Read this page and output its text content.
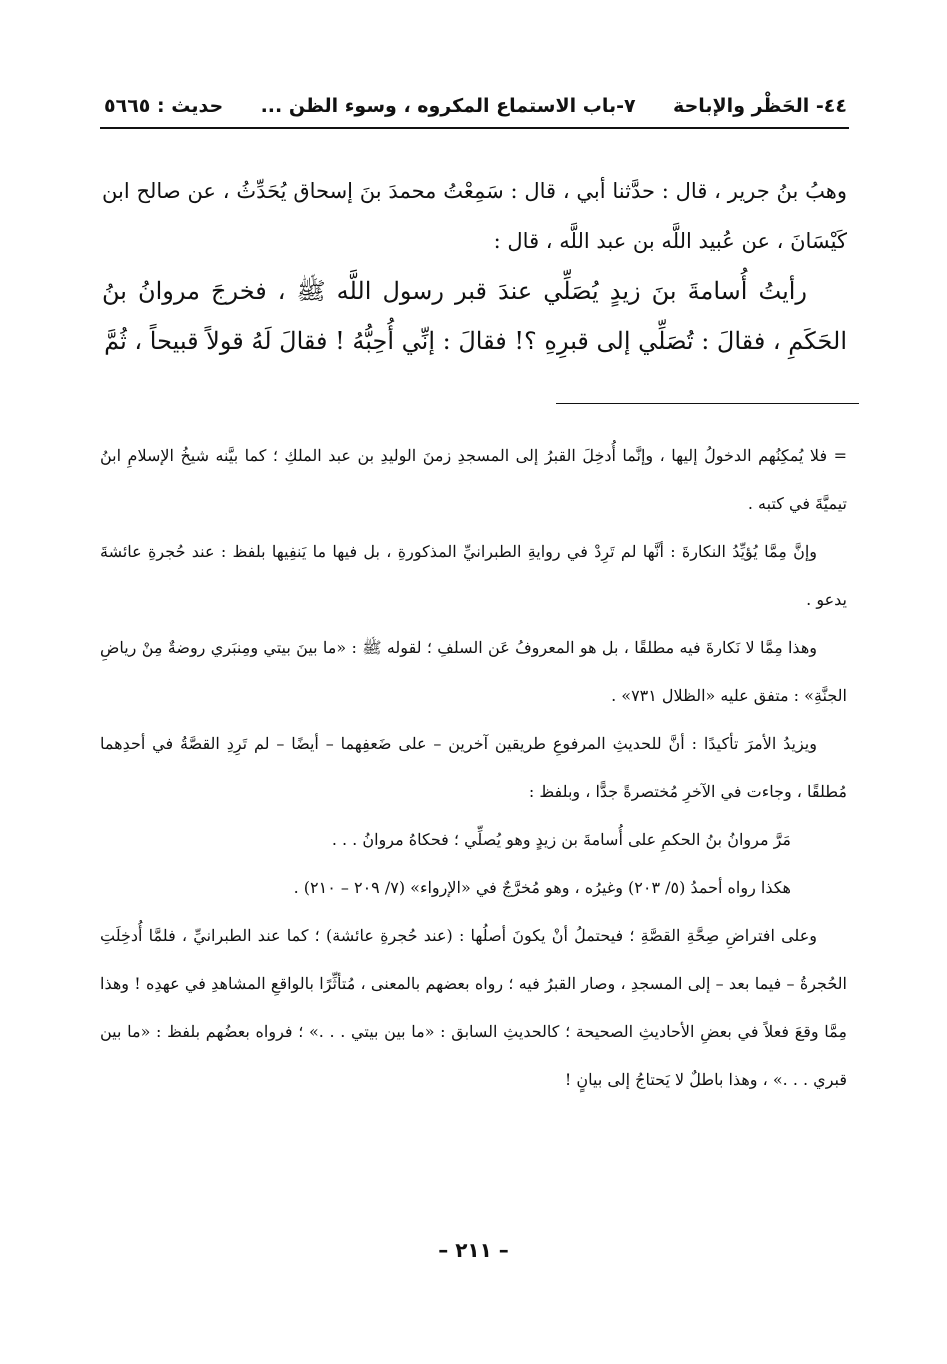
٤٤- الحَظْر والإباحة
٧-باب الاستماع المكروه ، وسوء الظن ...
حديث : ٥٦٦٥

وهبُ بنُ جرير ، قال : حدَّثنا أبي ، قال : سَمِعْتُ محمدَ بنَ إسحاق يُحَدِّثُ ، عن صالح ابن كَيْسَانَ ، عن عُبيد اللَّه بن عبد اللَّه ، قال :

رأيتُ أُسامةَ بنَ زيدٍ يُصَلِّي عندَ قبر رسول اللَّه ﷺ ، فخرجَ مروانُ بنُ الحَكَمِ ، فقالَ : تُصَلِّي إلى قبرِهِ ؟! فقالَ : إنِّي أُحِبُّهُ ! فقالَ لَهُ قولاً قبيحاً ، ثُمَّ

= فلا يُمكِنُهم الدخولُ إليها ، وإنَّما أُدخِلَ القبرُ إلى المسجدِ زمنَ الوليدِ بن عبد الملكِ ؛ كما بيَّنه شيخُ الإسلامِ ابنُ تيميَّةَ في كتبه .

وإنَّ مِمَّا يُؤيِّدُ النكارةَ : أنَّها لم تَرِدْ في روايةِ الطبرانيِّ المذكورةِ ، بل فيها ما يَنفِيها بلفظ : عند حُجرةِ عائشةَ يدعو .

وهذا مِمَّا لا نَكارةَ فيه مطلقًا ، بل هو المعروفُ عَن السلفِ ؛ لقوله ﷺ : «ما بينَ بيتي ومِنبَري روضةٌ مِنْ رياضِ الجنَّةِ» : متفق عليه «الظلال ٧٣١» .

ويزيدُ الأمرَ تأكيدًا : أنَّ للحديثِ المرفوعِ طريقين آخرين – على ضَعفِهما – أيضًا – لم تَرِدِ القصَّةُ في أحدِهما مُطلقًا ، وجاءت في الآخرِ مُختصرةً جدًّا ، وبلفظ :

مَرَّ مروانُ بنُ الحكمِ على أُسامةَ بن زيدٍ وهو يُصلِّي ؛ فحكاهُ مروانُ . . .

هكذا رواه أحمدُ (٥/ ٢٠٣) وغيرُه ، وهو مُخرَّجٌ في «الإرواء» (٧/ ٢٠٩ – ٢١٠) .

وعلى افتراضِ صِحَّةِ القصَّةِ ؛ فيحتملُ أنْ يكونَ أصلُها : (عند حُجرةِ عائشة) ؛ كما عند الطبرانيِّ ، فلمَّا أُدخِلَتِ الحُجرةُ – فيما بعد – إلى المسجدِ ، وصار القبرُ فيه ؛ رواه بعضهم بالمعنى ، مُتأثِّرًا بالواقعِ المشاهدِ في عهدِه ! وهذا مِمَّا وقعَ فعلاً في بعضِ الأحاديثِ الصحيحة ؛ كالحديثِ السابق : «ما بين بيتي . . .» ؛ فرواه بعضُهم بلفظ : «ما بين قبري . . .» ، وهذا باطلٌ لا يَحتاجُ إلى بيانٍ !

– ٢١١ –
